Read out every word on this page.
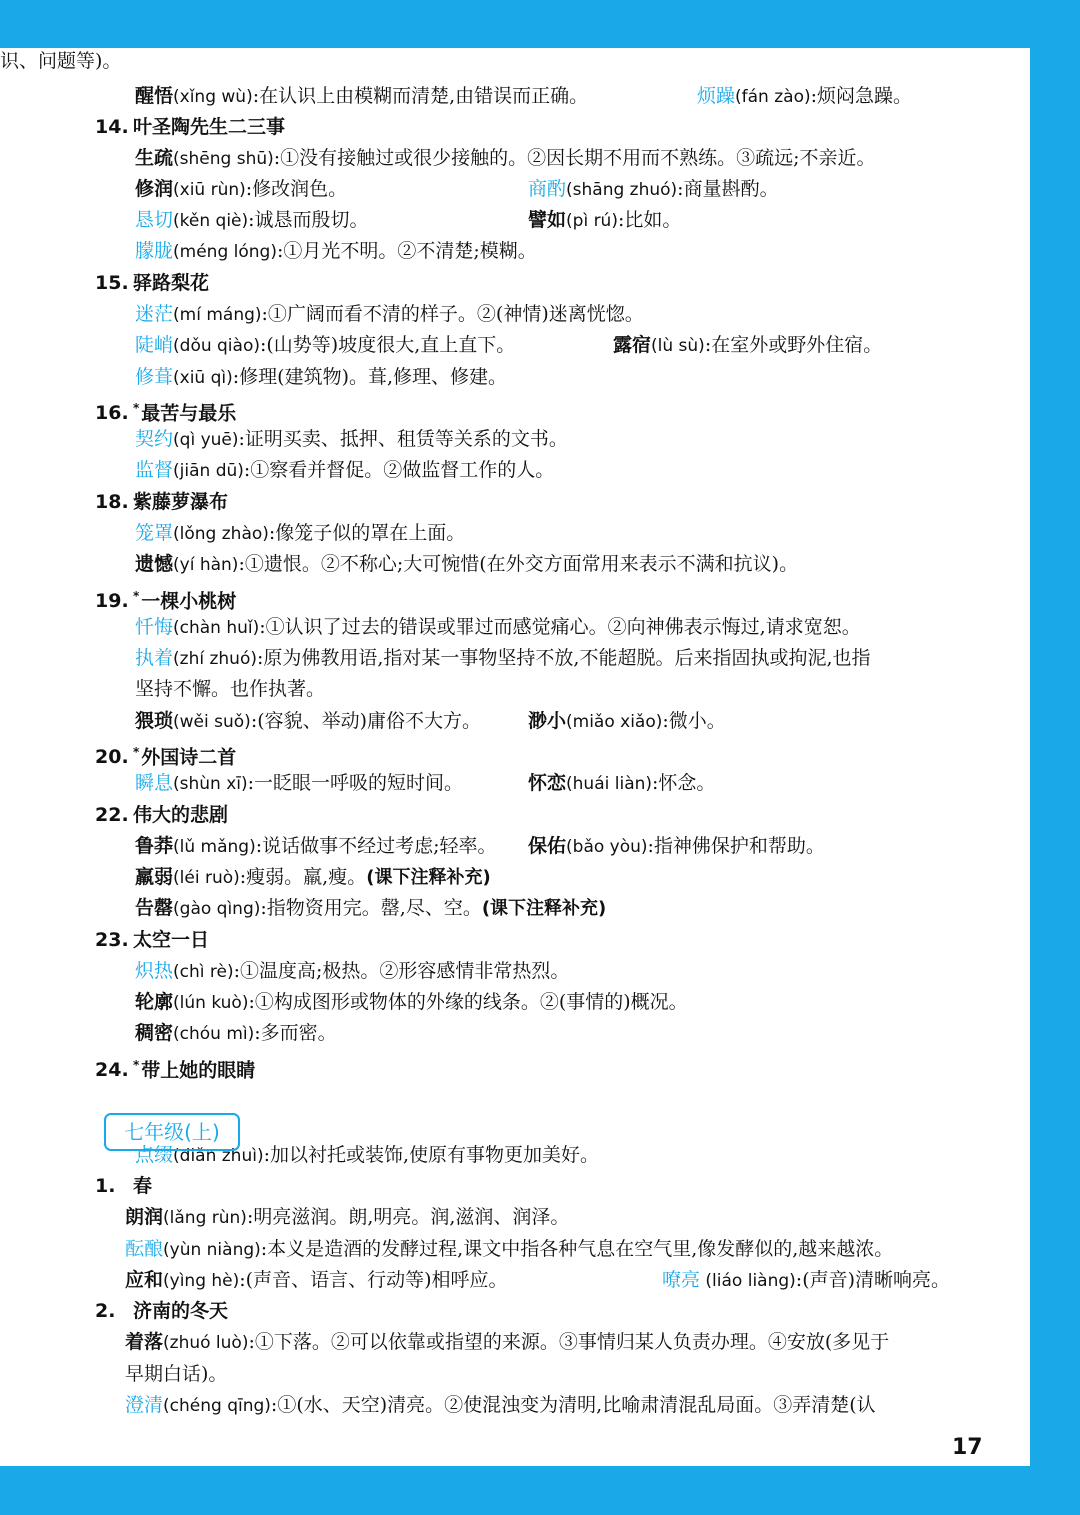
醒悟(xǐng wù):在认识上由模糊而清楚,由错误而正确。	烦躁(fán zào):烦闷急躁。
14. 叶圣陶先生二三事
生疏(shēng shū):①没有接触过或很少接触的。②因长期不用而不熟练。③疏远;不亲近。
修润(xiū rùn):修改润色。	商酌(shāng zhuó):商量斟酌。
恳切(kěn qiè):诚恳而殷切。	譬如(pì rú):比如。
朦胧(méng lóng):①月光不明。②不清楚;模糊。
15. 驿路梨花
迷茫(mí máng):①广阔而看不清的样子。②(神情)迷离恍惚。
陡峭(dǒu qiào):(山势等)坡度很大,直上直下。	露宿(lù sù):在室外或野外住宿。
修葺(xiū qì):修理(建筑物)。葺,修理、修建。
16. * 最苦与最乐
契约(qì yuē):证明买卖、抵押、租赁等关系的文书。
监督(jiān dū):①察看并督促。②做监督工作的人。
18. 紫藤萝瀑布
笼罩(lǒng zhào):像笼子似的罩在上面。
遗憾(yí hàn):①遗恨。②不称心;大可惋惜(在外交方面常用来表示不满和抗议)。
19. * 一棵小桃树
忏悔(chàn huǐ):①认识了过去的错误或罪过而感觉痛心。②向神佛表示悔过,请求宽恕。
执着(zhí zhuó):原为佛教用语,指对某一事物坚持不放,不能超脱。后来指固执或拘泥,也指
坚持不懈。也作执著。
猥琐(wěi suǒ):(容貌、举动)庸俗不大方。 渺小(miǎo xiǎo):微小。
20. * 外国诗二首
瞬息(shùn xī):一眨眼一呼吸的短时间。	怀恋(huái liàn):怀念。
22. 伟大的悲剧
鲁莽(lǔ mǎng):说话做事不经过考虑;轻率。 保佑(bǎo yòu):指神佛保护和帮助。
羸弱(léi ruò):瘦弱。羸,瘦。(课下注释补充)
告罄(gào qìng):指物资用完。罄,尽、空。(课下注释补充)
23. 太空一日
炽热(chì rè):①温度高;极热。②形容感情非常热烈。
轮廓(lún kuò):①构成图形或物体的外缘的线条。②(事情的)概况。
稠密(chóu mì):多而密。
24. * 带上她的眼睛
点缀(diǎn zhuì):加以衬托或装饰,使原有事物更加美好。
1. 春
朗润(lǎng rùn):明亮滋润。朗,明亮。润,滋润、润泽。
酝酿(yùn niàng):本义是造酒的发酵过程,课文中指各种气息在空气里,像发酵似的,越来越浓。
应和(yìng hè):(声音、语言、行动等)相呼应。	嘹亮 (liáo liàng):(声音)清晰响亮。
2. 济南的冬天
着落(zhuó luò):①下落。②可以依靠或指望的来源。③事情归某人负责办理。④安放(多见于
早期白话)。
澄清(chéng qīng):①(水、天空)清亮。②使混浊变为清明,比喻肃清混乱局面。③弄清楚(认
识、问题等)。
七年级(上)
17
